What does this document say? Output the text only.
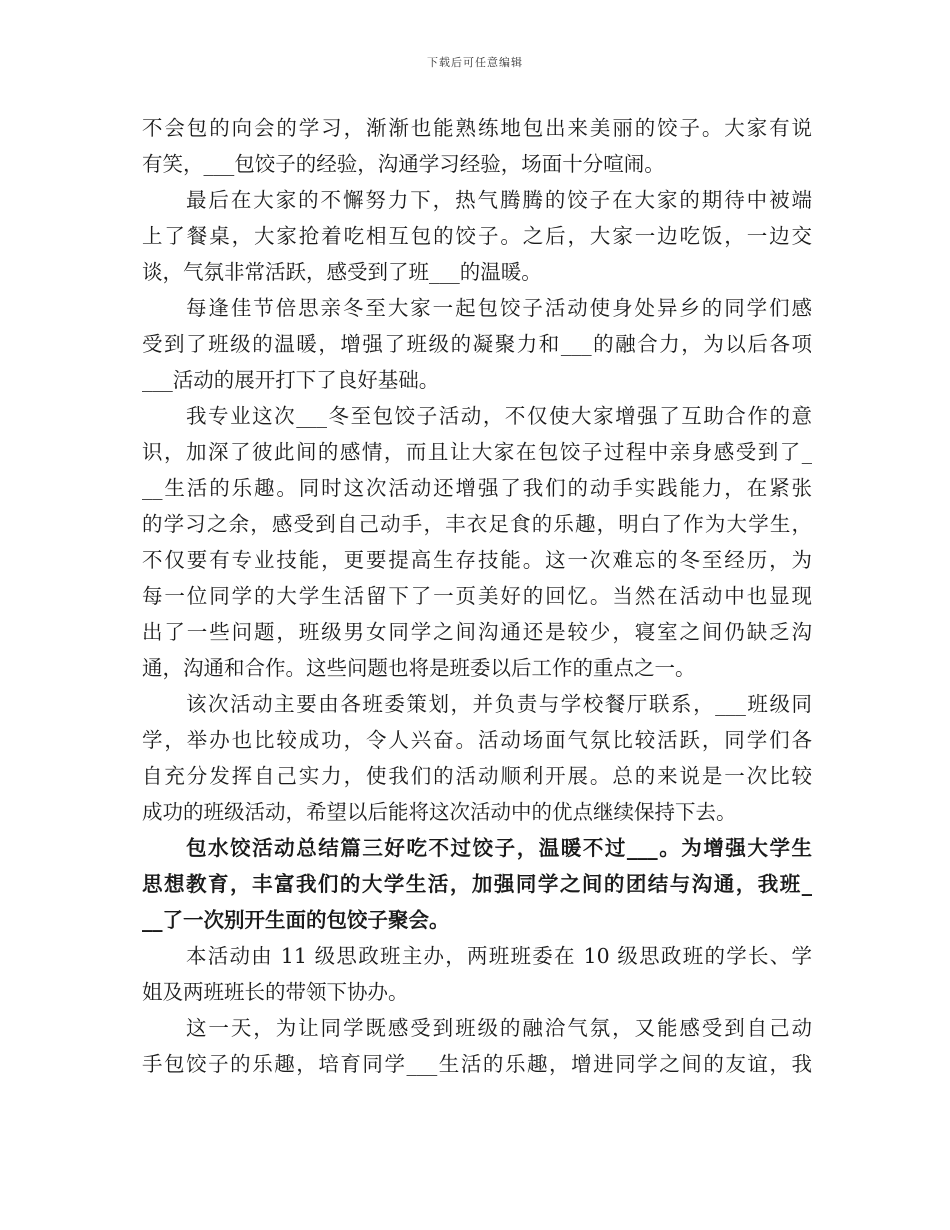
下载后可任意编辑
不会包的向会的学习，渐渐也能熟练地包出来美丽的饺子。大家有说
有笑，___包饺子的经验，沟通学习经验，场面十分喧闹。
最后在大家的不懈努力下，热气腾腾的饺子在大家的期待中被端
上了餐桌，大家抢着吃相互包的饺子。之后，大家一边吃饭，一边交
谈，气氛非常活跃，感受到了班___的温暖。
每逢佳节倍思亲冬至大家一起包饺子活动使身处异乡的同学们感
受到了班级的温暖，增强了班级的凝聚力和___的融合力，为以后各项
___活动的展开打下了良好基础。
我专业这次___冬至包饺子活动，不仅使大家增强了互助合作的意
识，加深了彼此间的感情，而且让大家在包饺子过程中亲身感受到了_
__生活的乐趣。同时这次活动还增强了我们的动手实践能力，在紧张
的学习之余，感受到自己动手，丰衣足食的乐趣，明白了作为大学生，
不仅要有专业技能，更要提高生存技能。这一次难忘的冬至经历，为
每一位同学的大学生活留下了一页美好的回忆。当然在活动中也显现
出了一些问题，班级男女同学之间沟通还是较少，寝室之间仍缺乏沟
通，沟通和合作。这些问题也将是班委以后工作的重点之一。
该次活动主要由各班委策划，并负责与学校餐厅联系，___班级同
学，举办也比较成功，令人兴奋。活动场面气氛比较活跃，同学们各
自充分发挥自己实力，使我们的活动顺利开展。总的来说是一次比较
成功的班级活动，希望以后能将这次活动中的优点继续保持下去。
包水饺活动总结篇三好吃不过饺子，温暖不过___。为增强大学生
思想教育，丰富我们的大学生活，加强同学之间的团结与沟通，我班_
__了一次别开生面的包饺子聚会。
本活动由 11 级思政班主办，两班班委在 10 级思政班的学长、学
姐及两班班长的带领下协办。
这一天，为让同学既感受到班级的融洽气氛，又能感受到自己动
手包饺子的乐趣，培育同学___生活的乐趣，增进同学之间的友谊，我
